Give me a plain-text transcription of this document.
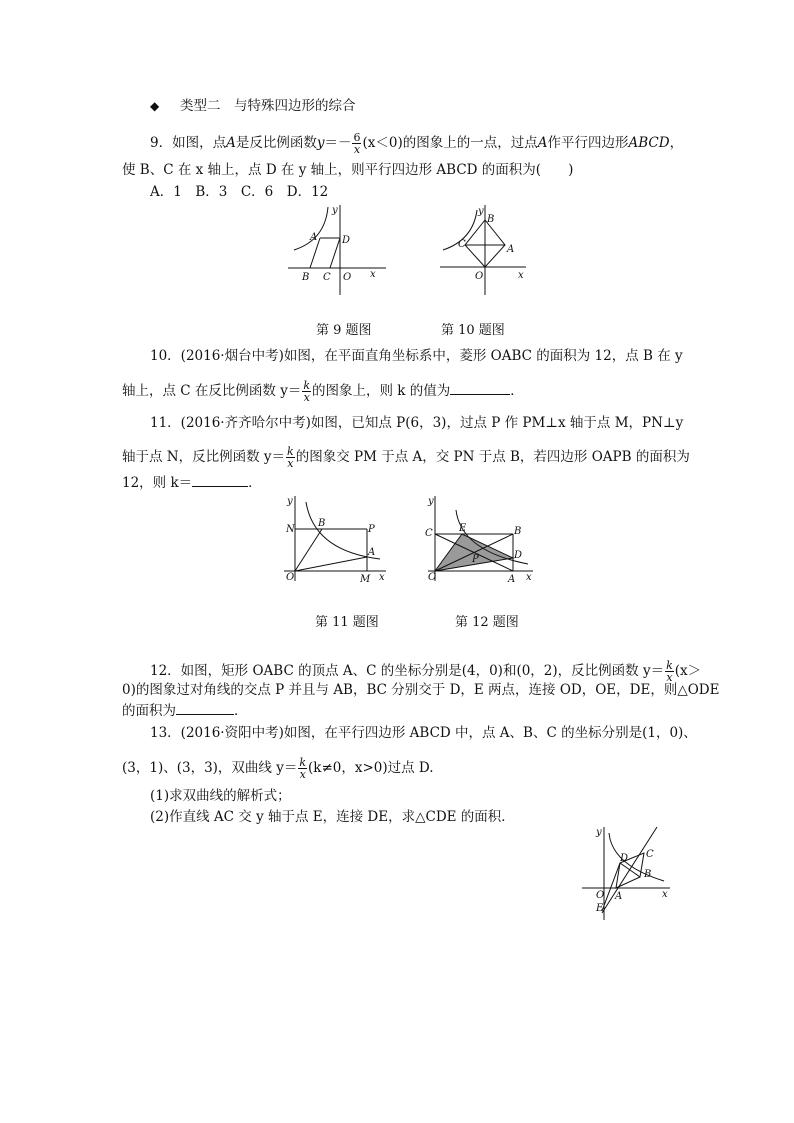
◆ 类型二　与特殊四边形的综合
9．如图，点A是反比例函数$y=- \frac{6}{x} (x<0)$的图象上的一点，过点A作平行四边形ABCD，
使 B、C 在 x 轴上，点 D 在 y 轴上，则平行四边形 ABCD 的面积为(　　)
A．1　B．3　C．6　D．12
y
A D
B C O x
第 9 题图
y
B
C	A
O	x
第 10 题图
10．(2016·烟台中考)如图，在平面直角坐标系中，菱形 OABC 的面积为 12，点 B 在 y
轴上，点 C 在反比例函数 $y= \frac{k}{x}$ 的图象上，则 k 的值为	．
11．(2016·齐齐哈尔中考)如图，已知点 P(6，3)，过点 P 作 PM⊥x 轴于点 M，PN⊥y
轴于点 N，反比例函数 $y= \frac{k}{x}$ 的图象交 PM 于点 A，交 PN 于点 B，若四边形 OAPB 的面积为
12，则 k＝	．
y
N
B
P
A
O	M x
第 11 题图
y
C	E	B
D
P
O	A x
第 12 题图
12．如图，矩形 OABC 的顶点 A、C 的坐标分别是(4，0)和(0，2)，反比例函数 $y= \frac{k}{x} (x>$
0)的图象过对角线的交点 P 并且与 AB，BC 分别交于 D，E 两点，连接 OD，OE，DE，则△ODE
的面积为	．
13．(2016·资阳中考)如图，在平行四边形 ABCD 中，点 A、B、C 的坐标分别是(1，0)、
(3，1)、(3，3)，双曲线 $y= \frac{k}{x} (k\ne 0$，x>0)过点 D.
(1)求双曲线的解析式；
(2)作直线 AC 交 y 轴于点 E，连接 DE，求△CDE 的面积．
y
D C
B
O A
E
x
